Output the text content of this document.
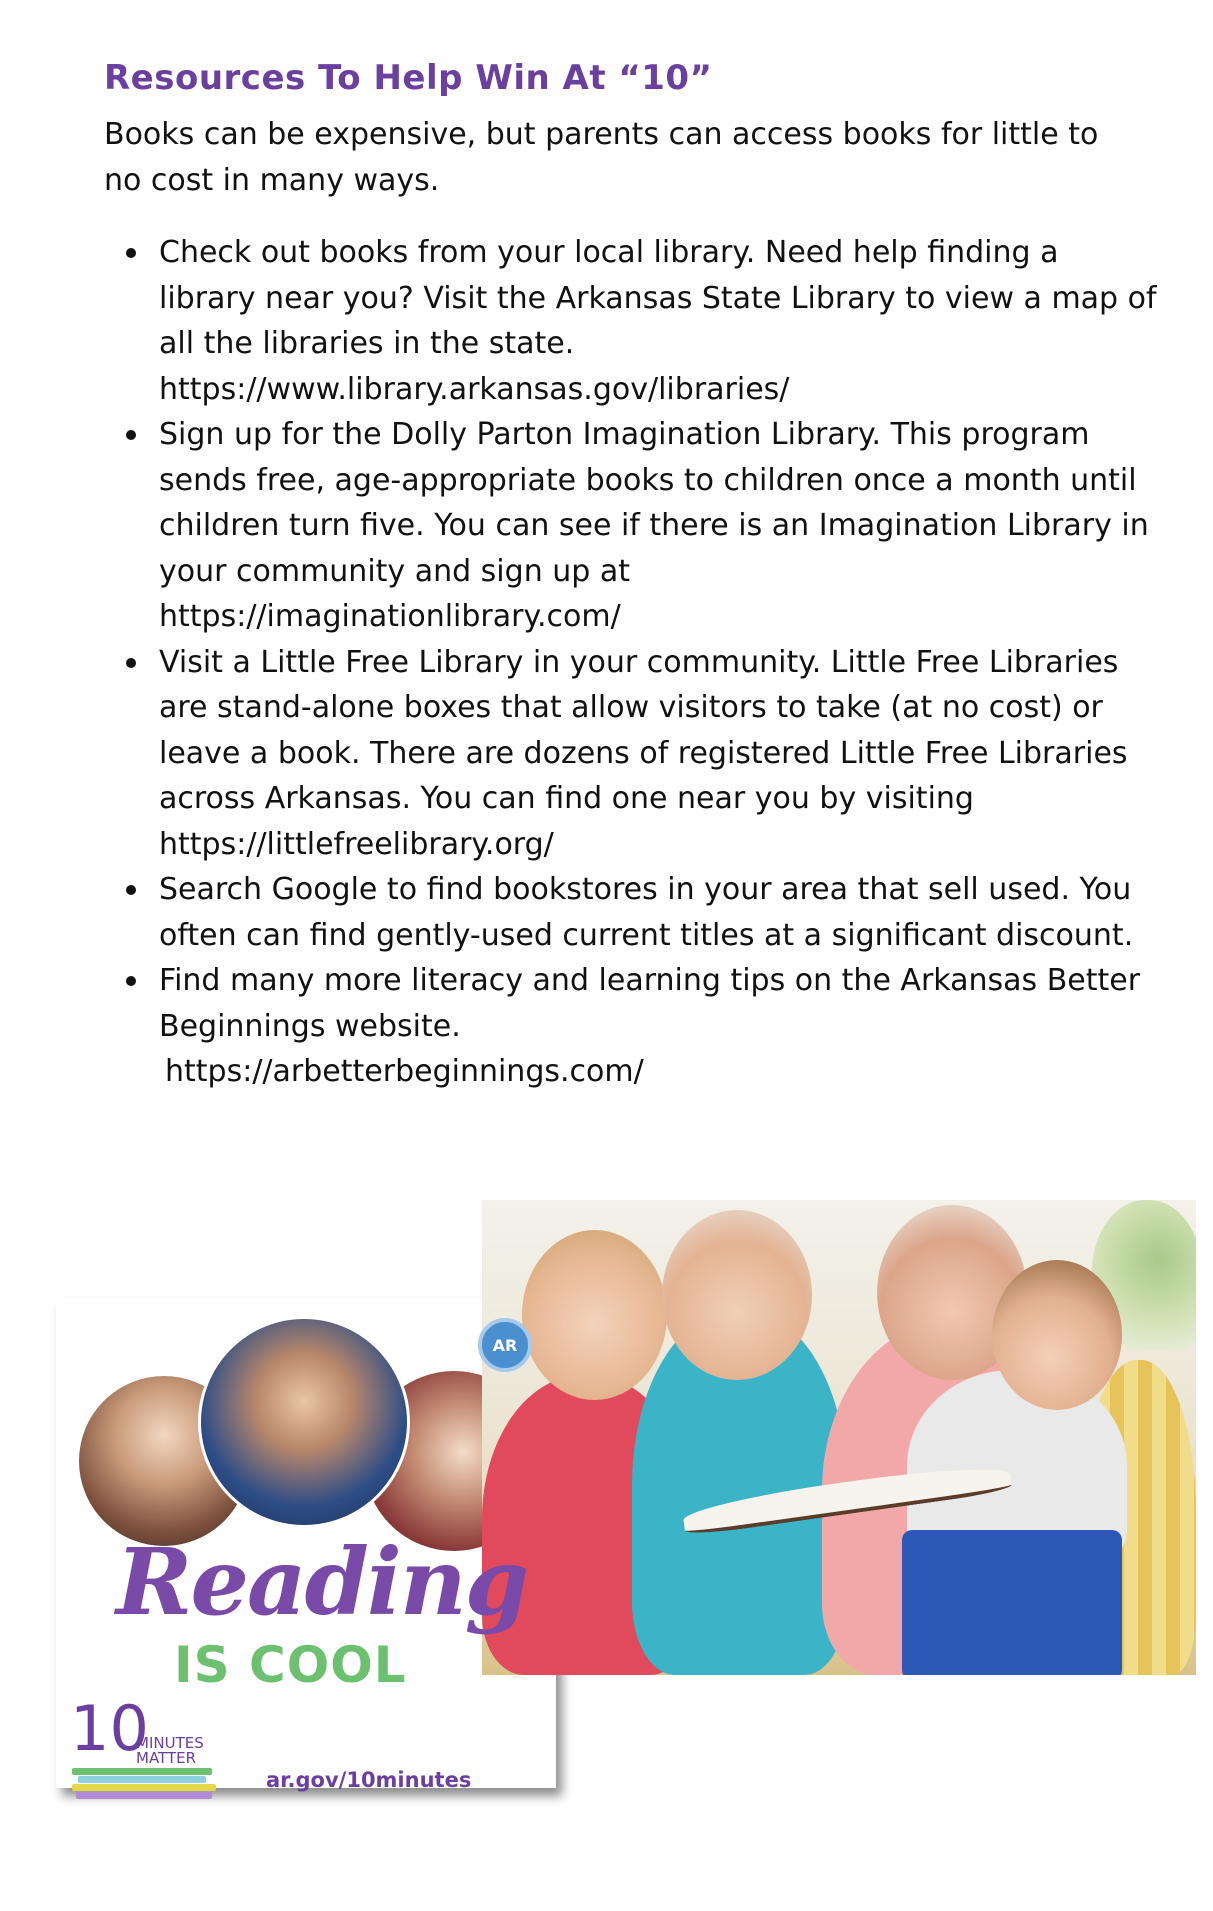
Resources To Help Win At “10”

Books can be expensive, but parents can access books for little to no cost in many ways.

Check out books from your local library. Need help finding a library near you? Visit the Arkansas State Library to view a map of all the libraries in the state.
https://www.library.arkansas.gov/libraries/
Sign up for the Dolly Parton Imagination Library. This program sends free, age-appropriate books to children once a month until children turn five. You can see if there is an Imagination Library in your community and sign up at
https://imaginationlibrary.com/
Visit a Little Free Library in your community. Little Free Libraries are stand-alone boxes that allow visitors to take (at no cost) or leave a book. There are dozens of registered Little Free Libraries across Arkansas. You can find one near you by visiting
https://littlefreelibrary.org/
Search Google to find bookstores in your area that sell used. You often can find gently-used current titles at a significant discount.
Find many more literacy and learning tips on the Arkansas Better Beginnings website.
https://arbetterbeginnings.com/
AR
Reading
IS COOL
10
MINUTES
MATTER
ar.gov/10minutes
